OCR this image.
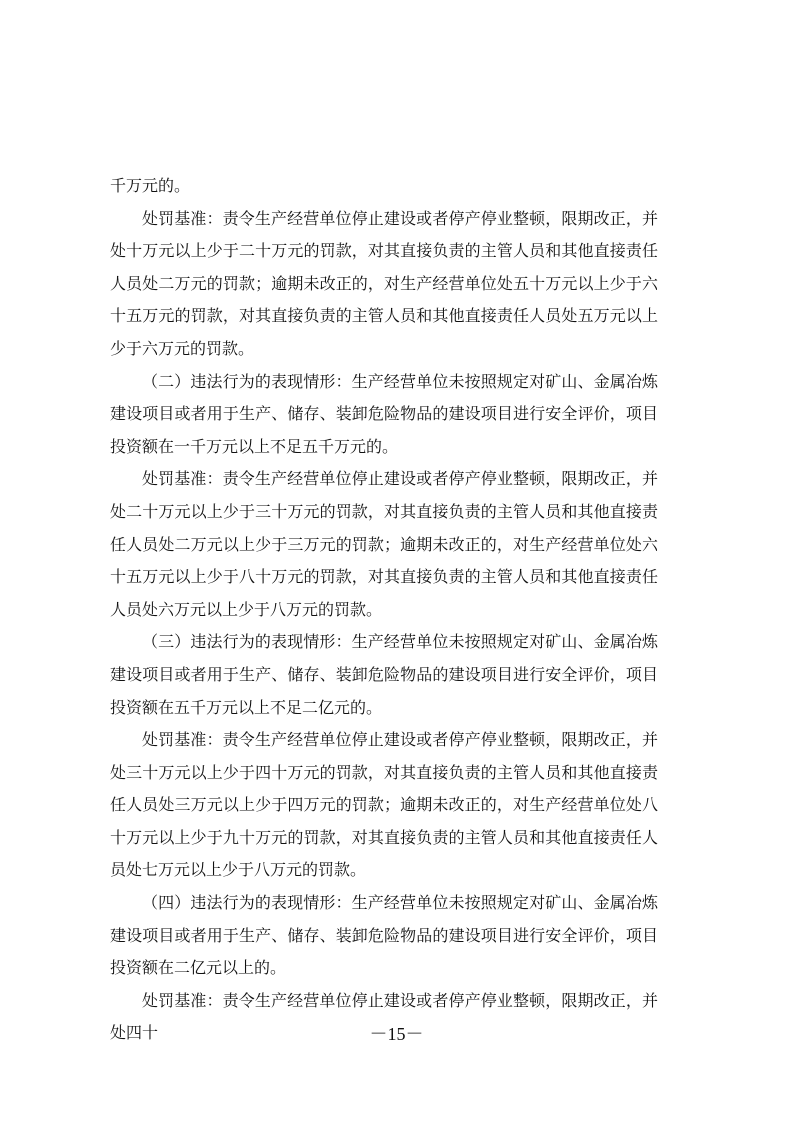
千万元的。

处罚基准：责令生产经营单位停止建设或者停产停业整顿，限期改正，并处十万元以上少于二十万元的罚款，对其直接负责的主管人员和其他直接责任人员处二万元的罚款；逾期未改正的，对生产经营单位处五十万元以上少于六十五万元的罚款，对其直接负责的主管人员和其他直接责任人员处五万元以上少于六万元的罚款。

（二）违法行为的表现情形：生产经营单位未按照规定对矿山、金属冶炼建设项目或者用于生产、储存、装卸危险物品的建设项目进行安全评价，项目投资额在一千万元以上不足五千万元的。

处罚基准：责令生产经营单位停止建设或者停产停业整顿，限期改正，并处二十万元以上少于三十万元的罚款，对其直接负责的主管人员和其他直接责任人员处二万元以上少于三万元的罚款；逾期未改正的，对生产经营单位处六十五万元以上少于八十万元的罚款，对其直接负责的主管人员和其他直接责任人员处六万元以上少于八万元的罚款。

（三）违法行为的表现情形：生产经营单位未按照规定对矿山、金属冶炼建设项目或者用于生产、储存、装卸危险物品的建设项目进行安全评价，项目投资额在五千万元以上不足二亿元的。

处罚基准：责令生产经营单位停止建设或者停产停业整顿，限期改正，并处三十万元以上少于四十万元的罚款，对其直接负责的主管人员和其他直接责任人员处三万元以上少于四万元的罚款；逾期未改正的，对生产经营单位处八十万元以上少于九十万元的罚款，对其直接负责的主管人员和其他直接责任人员处七万元以上少于八万元的罚款。

（四）违法行为的表现情形：生产经营单位未按照规定对矿山、金属冶炼建设项目或者用于生产、储存、装卸危险物品的建设项目进行安全评价，项目投资额在二亿元以上的。

处罚基准：责令生产经营单位停止建设或者停产停业整顿，限期改正，并处四十	－15－
